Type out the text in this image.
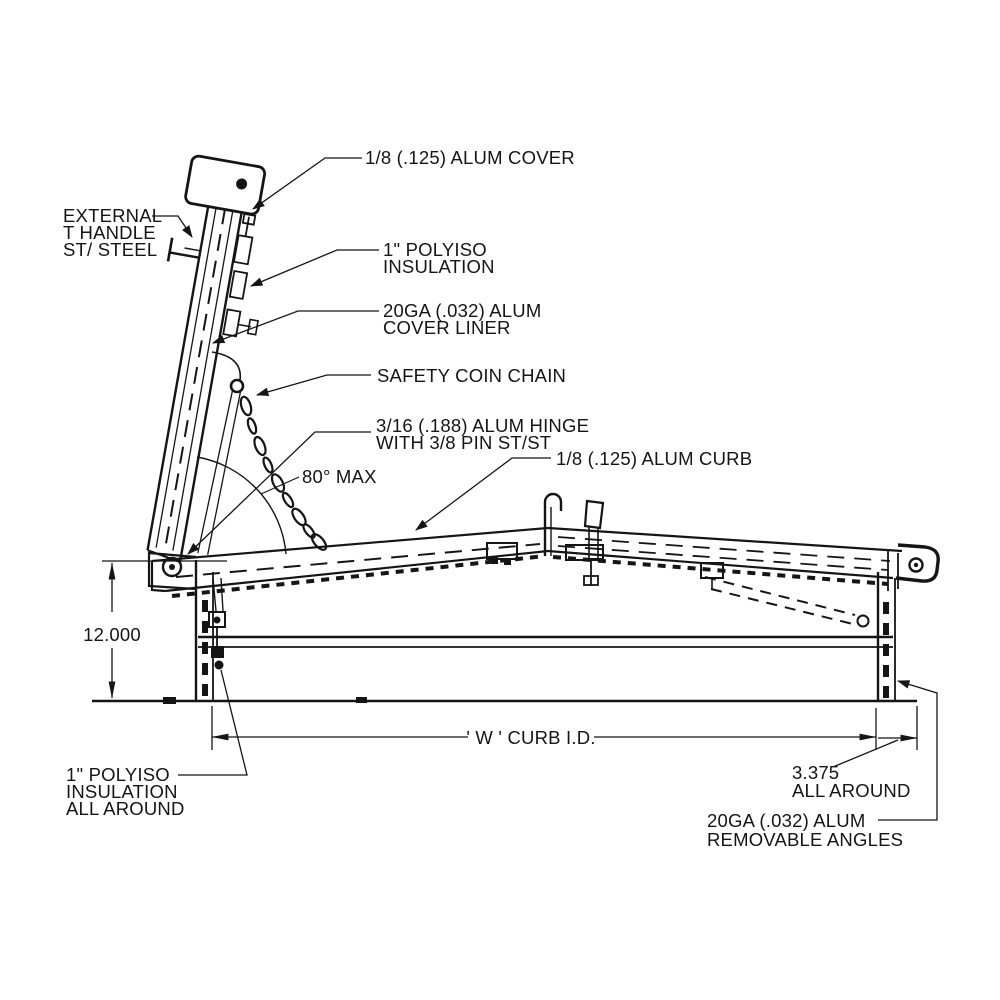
1/8 (.125) ALUM COVER
EXTERNAL
T HANDLE
ST/ STEEL	1" POLYISO
INSULATION
20GA (.032) ALUM
COVER LINER
SAFETY COIN CHAIN
3/16 (.188) ALUM HINGE
WITH 3/8 PIN ST/ST
80° MAX
1/8 (.125) ALUM CURB
12.000
' W ' CURB I.D.
1" POLYISO
INSULATION
ALL AROUND
3.375
ALL AROUND
20GA (.032) ALUM
REMOVABLE ANGLES
